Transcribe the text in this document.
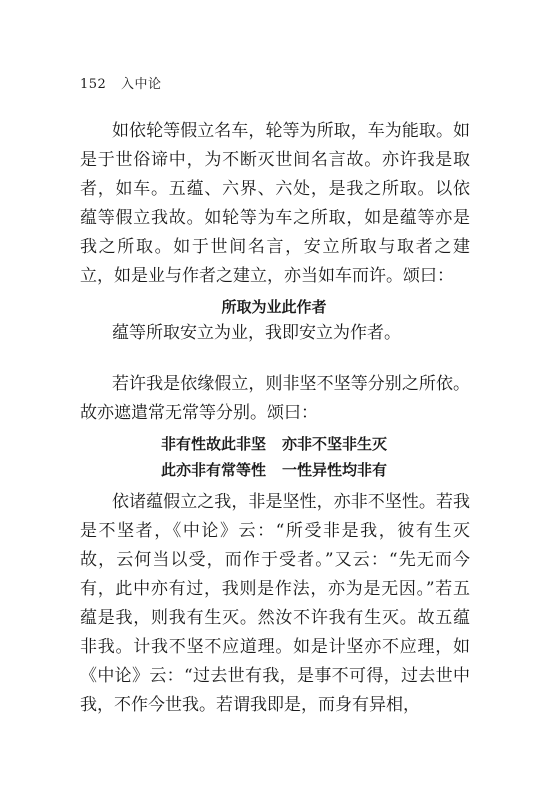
152 入中论

如依轮等假立名车，轮等为所取，车为能取。如是于世俗谛中，为不断灭世间名言故。亦许我是取者，如车。五蕴、六界、六处，是我之所取。以依蕴等假立我故。如轮等为车之所取，如是蕴等亦是我之所取。如于世间名言，安立所取与取者之建立，如是业与作者之建立，亦当如车而许。颂曰：

所取为业此作者

蕴等所取安立为业，我即安立为作者。

若许我是依缘假立，则非坚不坚等分别之所依。故亦遮遣常无常等分别。颂曰：

非有性故此非坚 亦非不坚非生灭
此亦非有常等性 一性异性均非有

依诸蕴假立之我，非是坚性，亦非不坚性。若我是不坚者，《中论》云：“所受非是我，彼有生灭故，云何当以受，而作于受者。”又云：“先无而今有，此中亦有过，我则是作法，亦为是无因。”若五蕴是我，则我有生灭。然汝不许我有生灭。故五蕴非我。计我不坚不应道理。如是计坚亦不应理，如《中论》云：“过去世有我，是事不可得，过去世中我，不作今世我。若谓我即是，而身有异相，
